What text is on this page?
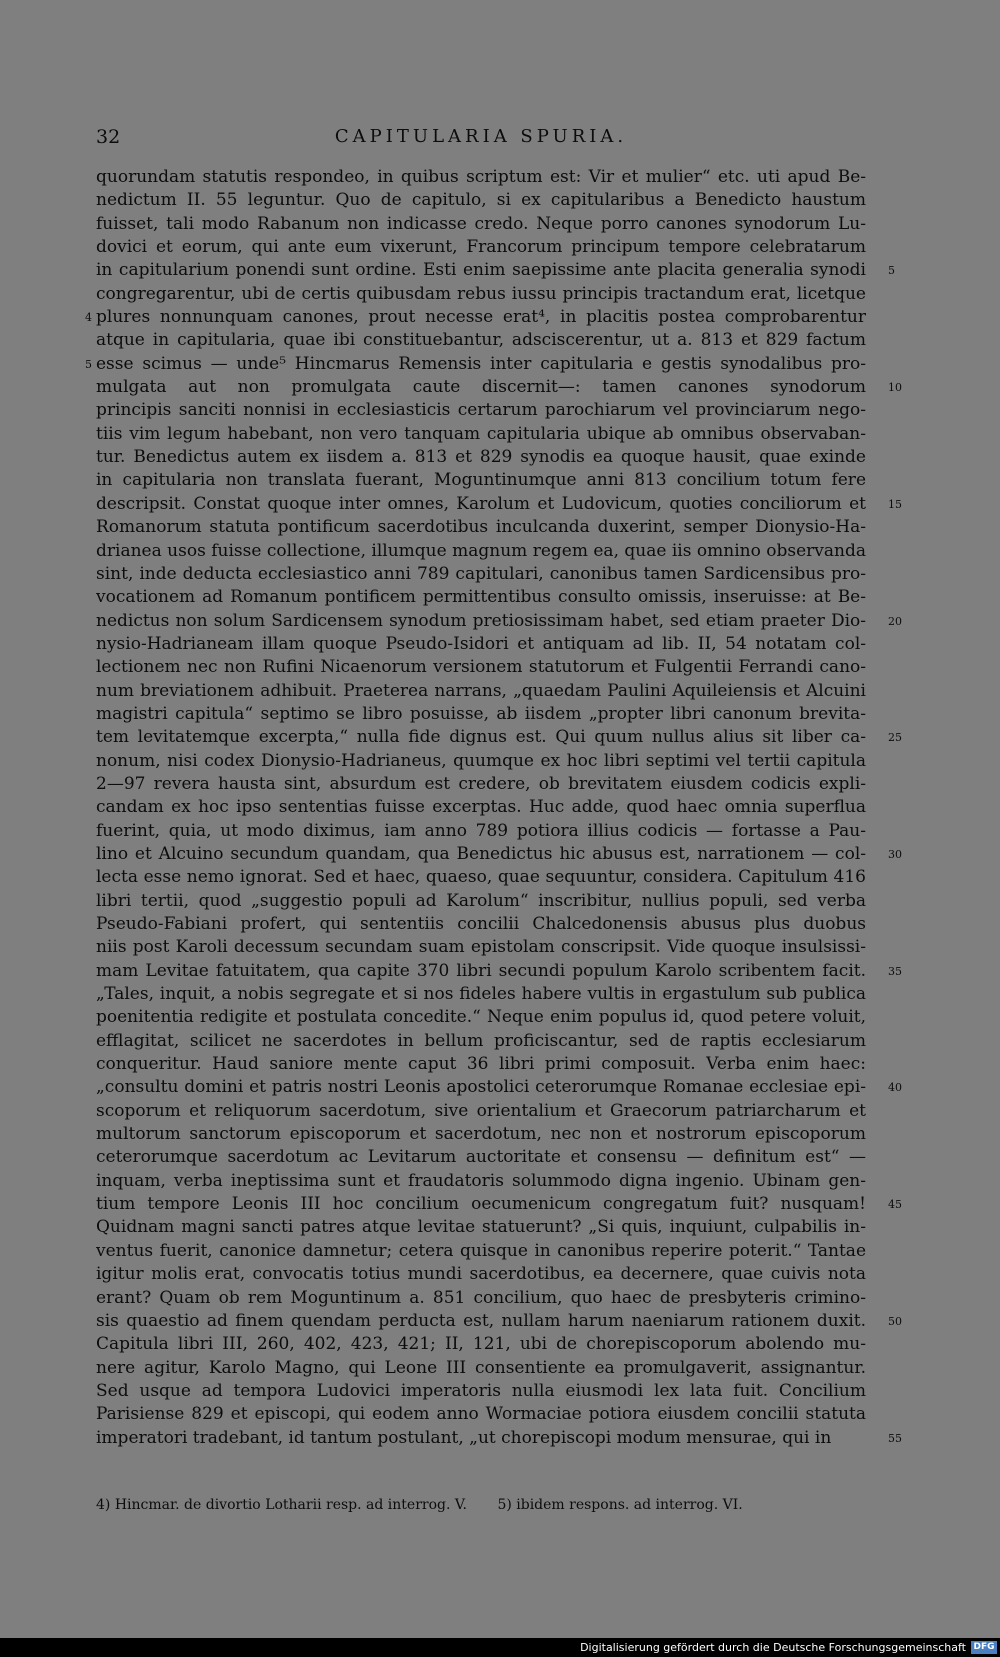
32	CAPITULARIA SPURIA.
quorundam statutis respondeo, in quibus scriptum est: Vir et mulier“ etc. uti apud Be-
nedictum II. 55 leguntur. Quo de capitulo, si ex capitularibus a Benedicto haustum
fuisset, tali modo Rabanum non indicasse credo. Neque porro canones synodorum Lu-
dovici et eorum, qui ante eum vixerunt, Francorum principum tempore celebratarum
in capitularium ponendi sunt ordine. Esti enim saepissime ante placita generalia synodi 5
congregarentur, ubi de certis quibusdam rebus iussu principis tractandum erat, licetque
plures nonnunquam canones, prout necesse erat⁴, in placitis postea comprobarentur
4
atque in capitularia, quae ibi constituebantur, adsciscerentur, ut a. 813 et 829 factum
esse scimus — unde⁵ Hincmarus Remensis inter capitularia e gestis synodalibus pro-
5
mulgata aut non promulgata caute discernit—: tamen canones synodorum 10
principis sanciti nonnisi in ecclesiasticis certarum parochiarum vel provinciarum nego-
tiis vim legum habebant, non vero tanquam capitularia ubique ab omnibus observaban-
tur. Benedictus autem ex iisdem a. 813 et 829 synodis ea quoque hausit, quae exinde
in capitularia non translata fuerant, Moguntinumque anni 813 concilium totum fere
descripsit. Constat quoque inter omnes, Karolum et Ludovicum, quoties conciliorum et 15
Romanorum statuta pontificum sacerdotibus inculcanda duxerint, semper Dionysio-Ha-
drianea usos fuisse collectione, illumque magnum regem ea, quae iis omnino observanda
sint, inde deducta ecclesiastico anni 789 capitulari, canonibus tamen Sardicensibus pro-
vocationem ad Romanum pontificem permittentibus consulto omissis, inseruisse: at Be-
nedictus non solum Sardicensem synodum pretiosissimam habet, sed etiam praeter Dio- 20
nysio-Hadrianeam illam quoque Pseudo-Isidori et antiquam ad lib. II, 54 notatam col-
lectionem nec non Rufini Nicaenorum versionem statutorum et Fulgentii Ferrandi cano-
num breviationem adhibuit. Praeterea narrans, „quaedam Paulini Aquileiensis et Alcuini
magistri capitula“ septimo se libro posuisse, ab iisdem „propter libri canonum brevita-
tem levitatemque excerpta,“ nulla fide dignus est. Qui quum nullus alius sit liber ca- 25
nonum, nisi codex Dionysio-Hadrianeus, quumque ex hoc libri septimi vel tertii capitula
2—97 revera hausta sint, absurdum est credere, ob brevitatem eiusdem codicis expli-
candam ex hoc ipso sententias fuisse excerptas. Huc adde, quod haec omnia superflua
fuerint, quia, ut modo diximus, iam anno 789 potiora illius codicis — fortasse a Pau-
lino et Alcuino secundum quandam, qua Benedictus hic abusus est, narrationem — col- 30
lecta esse nemo ignorat. Sed et haec, quaeso, quae sequuntur, considera. Capitulum 416
libri tertii, quod „suggestio populi ad Karolum“ inscribitur, nullius populi, sed verba
Pseudo-Fabiani profert, qui sententiis concilii Chalcedonensis abusus plus duobus
niis post Karoli decessum secundam suam epistolam conscripsit. Vide quoque insulsissi-
mam Levitae fatuitatem, qua capite 370 libri secundi populum Karolo scribentem facit. 35
„Tales, inquit, a nobis segregate et si nos fideles habere vultis in ergastulum sub publica
poenitentia redigite et postulata concedite.“ Neque enim populus id, quod petere voluit,
efflagitat, scilicet ne sacerdotes in bellum proficiscantur, sed de raptis ecclesiarum
conqueritur. Haud saniore mente caput 36 libri primi composuit. Verba enim haec:
„consultu domini et patris nostri Leonis apostolici ceterorumque Romanae ecclesiae epi- 40
scoporum et reliquorum sacerdotum, sive orientalium et Graecorum patriarcharum et
multorum sanctorum episcoporum et sacerdotum, nec non et nostrorum episcoporum
ceterorumque sacerdotum ac Levitarum auctoritate et consensu — definitum est“ —
inquam, verba ineptissima sunt et fraudatoris solummodo digna ingenio. Ubinam gen-
tium tempore Leonis III hoc concilium oecumenicum congregatum fuit? nusquam! 45
Quidnam magni sancti patres atque levitae statuerunt? „Si quis, inquiunt, culpabilis in-
ventus fuerit, canonice damnetur; cetera quisque in canonibus reperire poterit.“ Tantae
igitur molis erat, convocatis totius mundi sacerdotibus, ea decernere, quae cuivis nota
erant? Quam ob rem Moguntinum a. 851 concilium, quo haec de presbyteris crimino-
sis quaestio ad finem quendam perducta est, nullam harum naeniarum rationem duxit. 50
Capitula libri III, 260, 402, 423, 421; II, 121, ubi de chorepiscoporum abolendo mu-
nere agitur, Karolo Magno, qui Leone III consentiente ea promulgaverit, assignantur.
Sed usque ad tempora Ludovici imperatoris nulla eiusmodi lex lata fuit. Concilium
Parisiense 829 et episcopi, qui eodem anno Wormaciae potiora eiusdem concilii statuta
imperatori tradebant, id tantum postulant, „ut chorepiscopi modum mensurae, qui in	55
4) Hincmar. de divortio Lotharii resp. ad interrog. V. 5) ibidem respons. ad interrog. VI.
Digitalisierung gefördert durch die Deutsche Forschungsgemeinschaft DFG
